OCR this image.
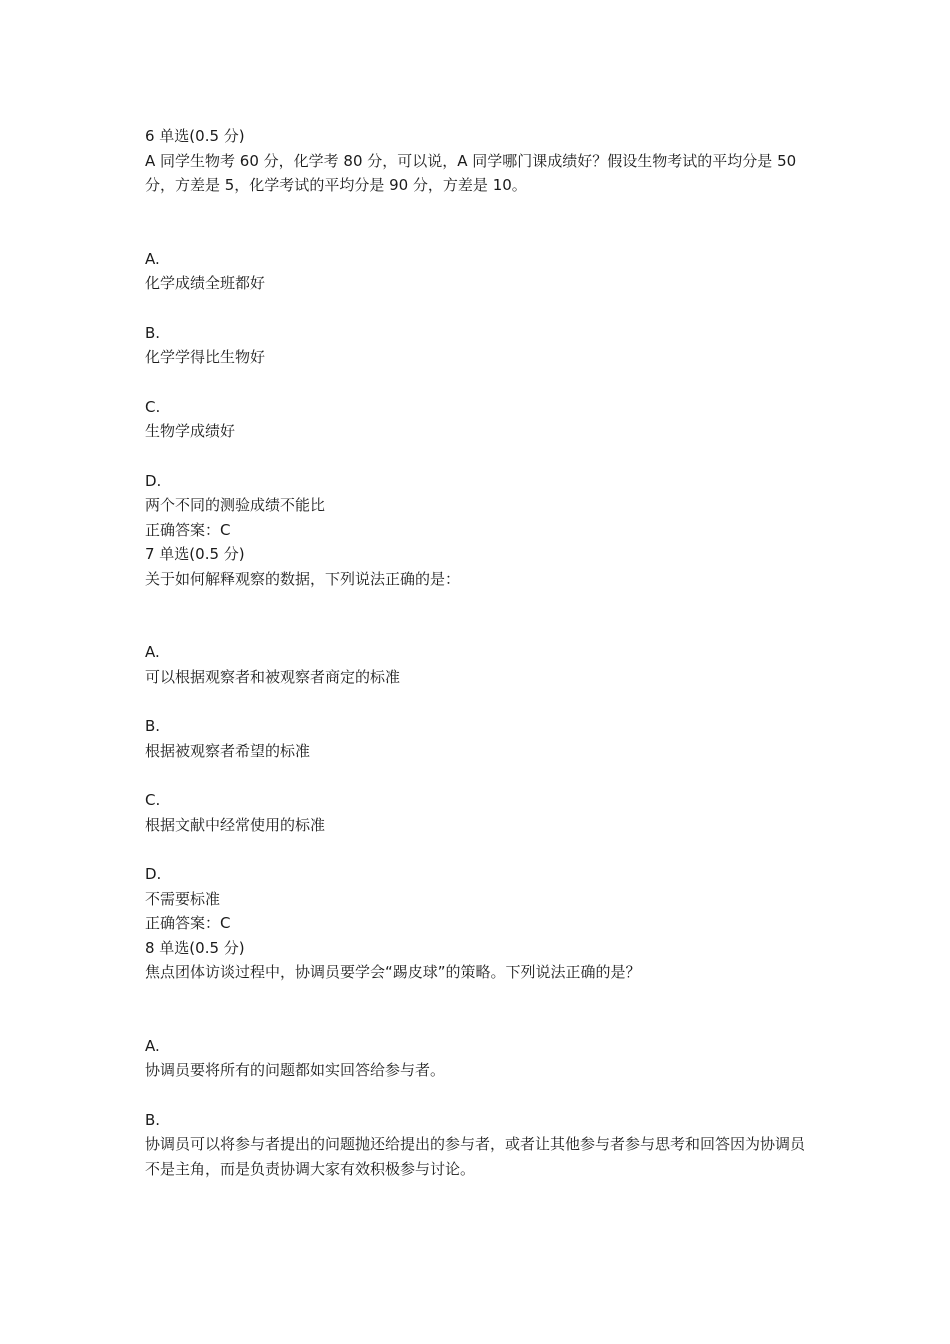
6 单选(0.5 分)
A 同学生物考 60 分，化学考 80 分，可以说，A 同学哪门课成绩好？假设生物考试的平均分是 50 分，方差是 5，化学考试的平均分是 90 分，方差是 10。
A.
化学成绩全班都好
B.
化学学得比生物好
C.
生物学成绩好
D.
两个不同的测验成绩不能比
正确答案：C
7 单选(0.5 分)
关于如何解释观察的数据，下列说法正确的是：
A.
可以根据观察者和被观察者商定的标准
B.
根据被观察者希望的标准
C.
根据文献中经常使用的标准
D.
不需要标准
正确答案：C
8 单选(0.5 分)
焦点团体访谈过程中，协调员要学会“踢皮球”的策略。下列说法正确的是？
A.
协调员要将所有的问题都如实回答给参与者。
B.
协调员可以将参与者提出的问题抛还给提出的参与者，或者让其他参与者参与思考和回答因为协调员不是主角，而是负责协调大家有效积极参与讨论。
